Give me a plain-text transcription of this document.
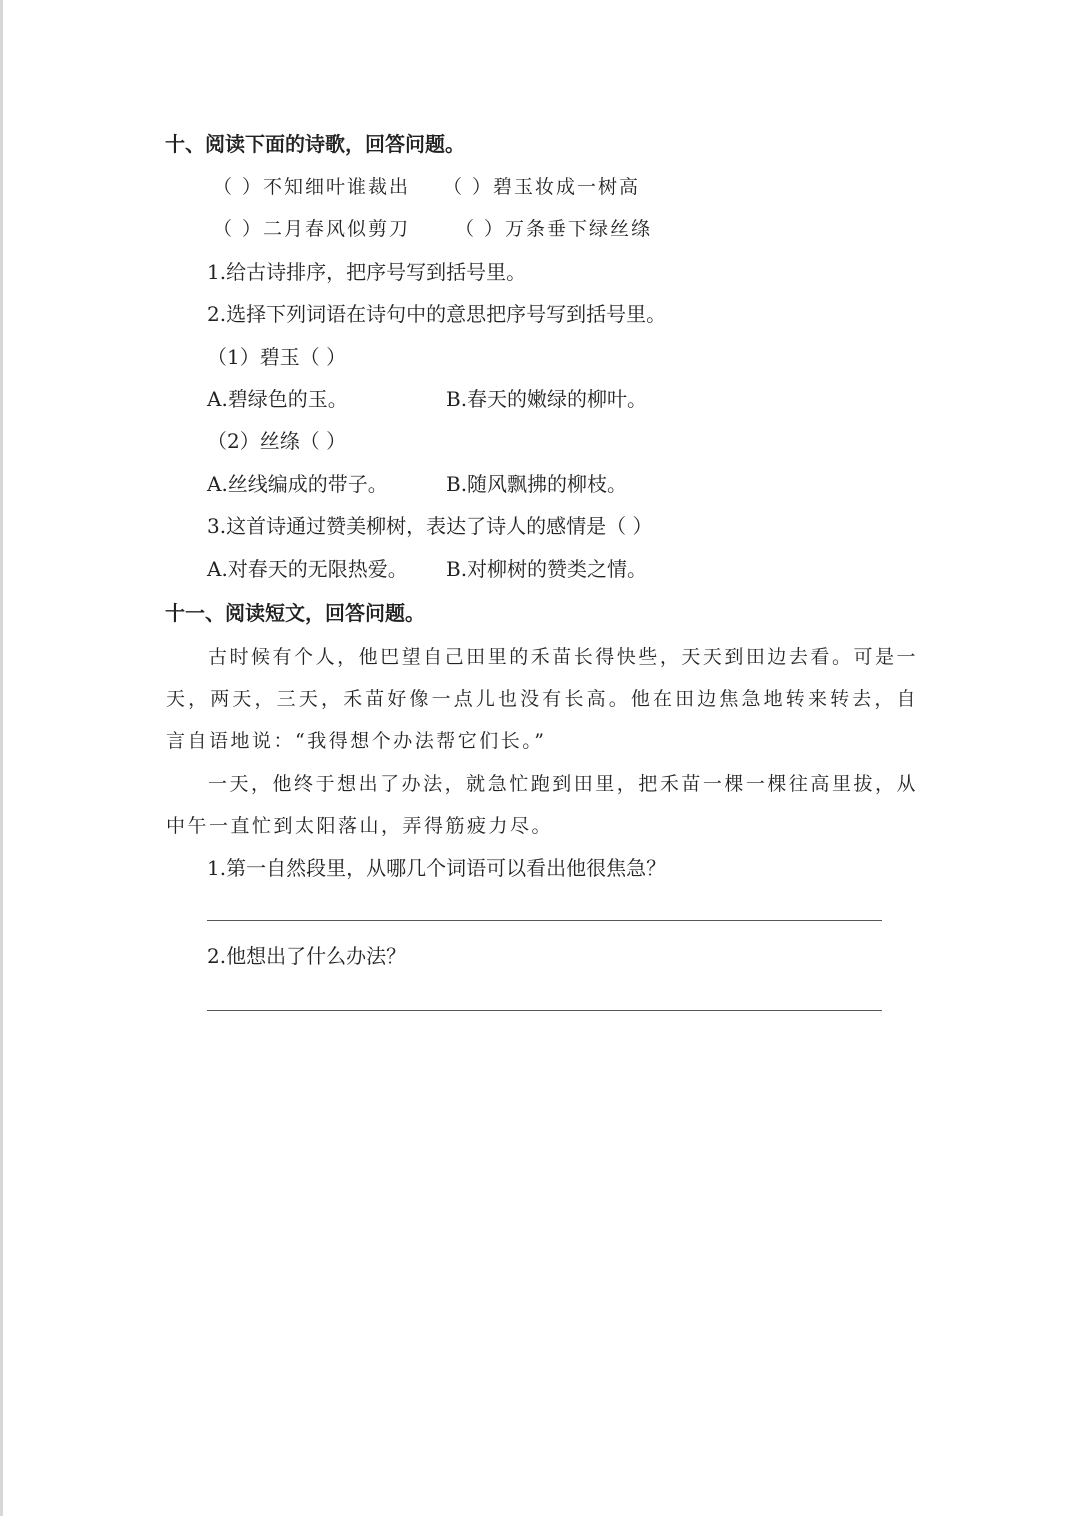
十、阅读下面的诗歌，回答问题。
（ ）不知细叶谁裁出 （ ）碧玉妆成一树高
（ ）二月春风似剪刀 （ ）万条垂下绿丝绦
1.给古诗排序，把序号写到括号里。
2.选择下列词语在诗句中的意思把序号写到括号里。
（1）碧玉（ ）
A.碧绿色的玉。	B.春天的嫩绿的柳叶。
（2）丝绦（ ）
A.丝线编成的带子。	B.随风飘拂的柳枝。
3.这首诗通过赞美柳树，表达了诗人的感情是（ ）
A.对春天的无限热爱。 B.对柳树的赞类之情。
十一、阅读短文，回答问题。
古时候有个人，他巴望自己田里的禾苗长得快些，天天到田边去看。可是一天，两天，三天，禾苗好像一点儿也没有长高。他在田边焦急地转来转去，自言自语地说：“我得想个办法帮它们长。”
一天，他终于想出了办法，就急忙跑到田里，把禾苗一棵一棵往高里拔，从中午一直忙到太阳落山，弄得筋疲力尽。
1.第一自然段里，从哪几个词语可以看出他很焦急？
2.他想出了什么办法？
